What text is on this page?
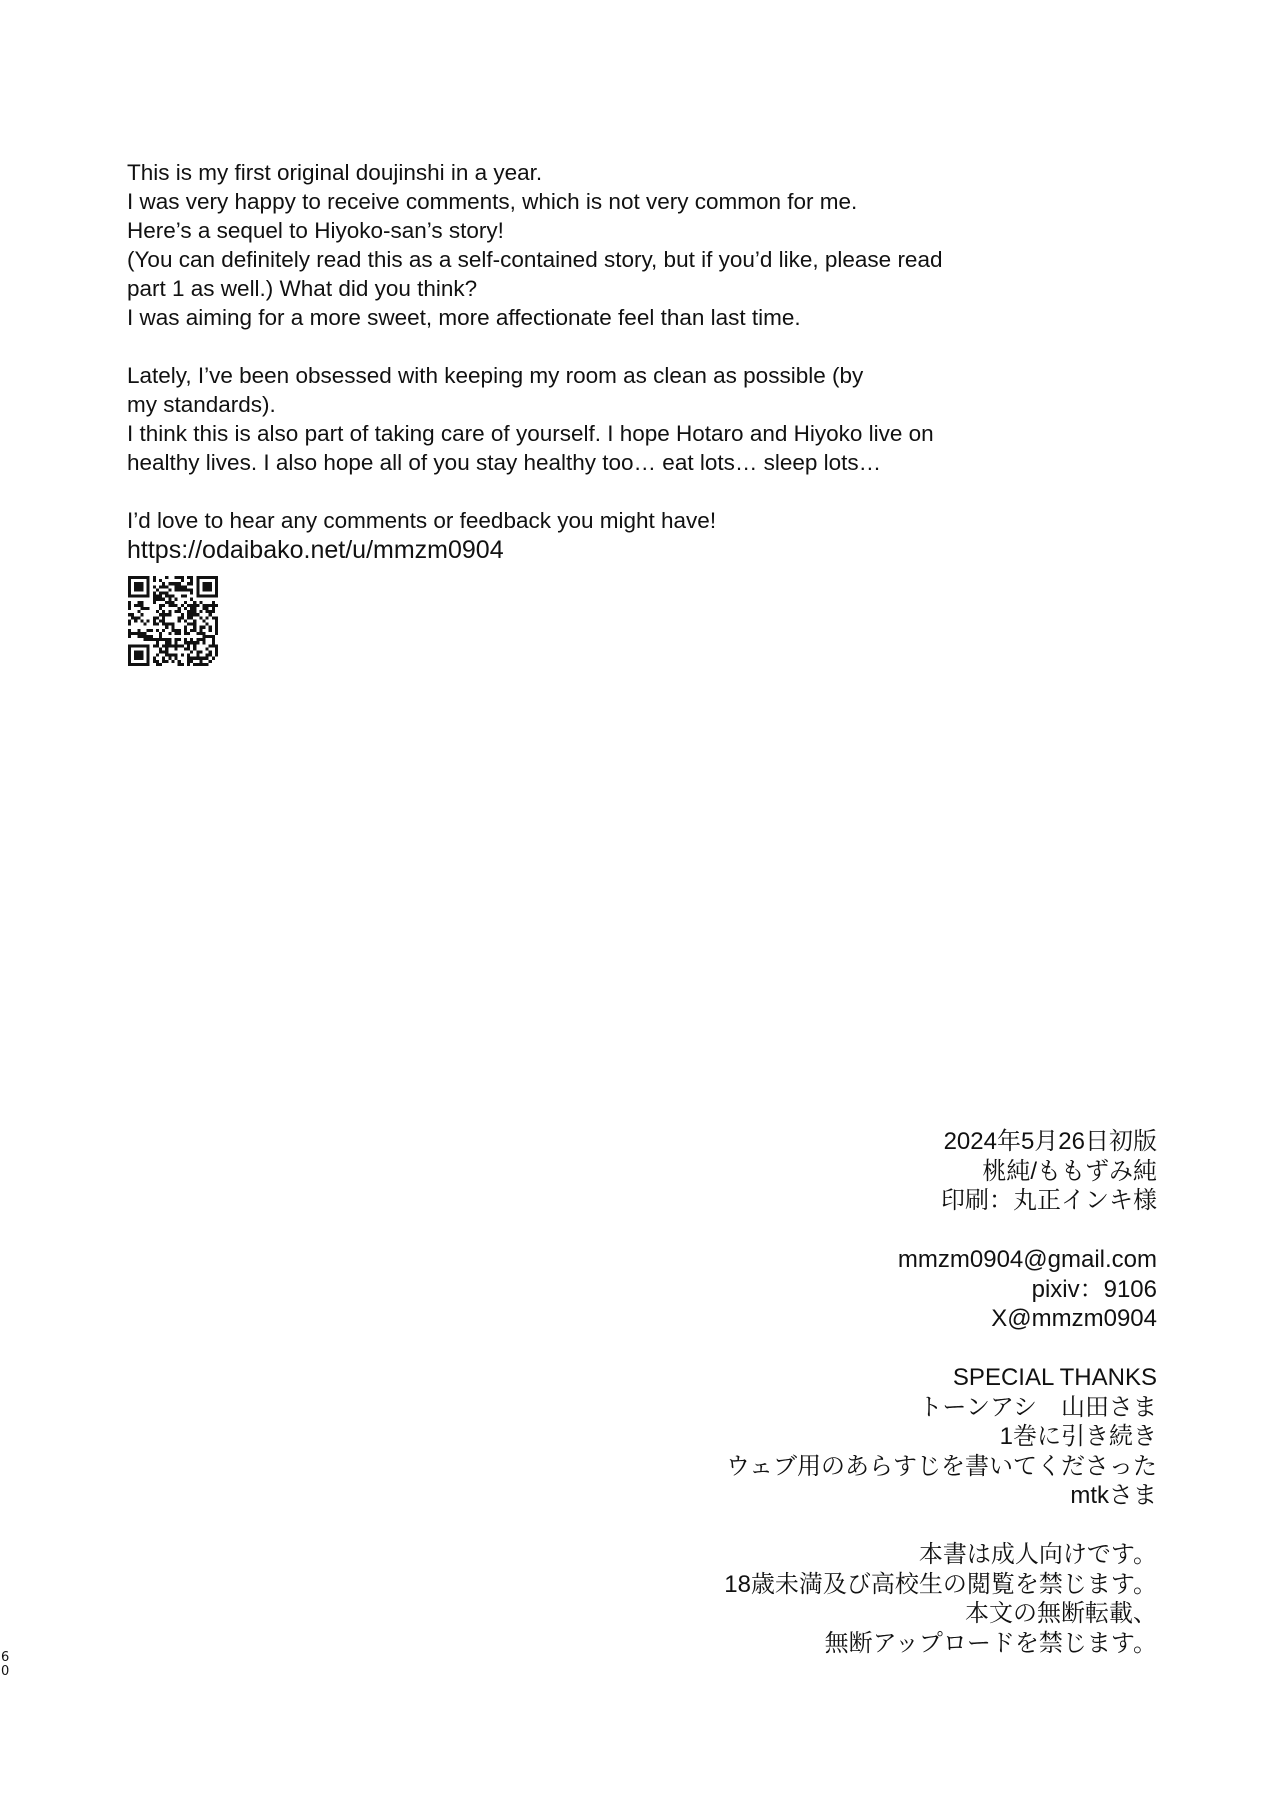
This is my first original doujinshi in a year.

I was very happy to receive comments, which is not very common for me.

Here’s a sequel to Hiyoko-san’s story!

(You can definitely read this as a self-contained story, but if you’d like, please read

part 1 as well.) What did you think?

I was aiming for a more sweet, more affectionate feel than last time.

Lately, I’ve been obsessed with keeping my room as clean as possible (by

my standards).

I think this is also part of taking care of yourself. I hope Hotaro and Hiyoko live on

healthy lives. I also hope all of you stay healthy too… eat lots… sleep lots…

I’d love to hear any comments or feedback you might have!

https://odaibako.net/u/mmzm0904

2024年5月26日初版
桃純/ももずみ純
印刷：丸正インキ様
mmzm0904@gmail.com
pixiv：9106
X@mmzm0904
SPECIAL THANKS
トーンアシ　山田さま
1巻に引き続き
ウェブ用のあらすじを書いてくださった
mtkさま
本書は成人向けです。
18歳未満及び高校生の閲覧を禁じます。
本文の無断転載、
無断アップロードを禁じます。
6
0
